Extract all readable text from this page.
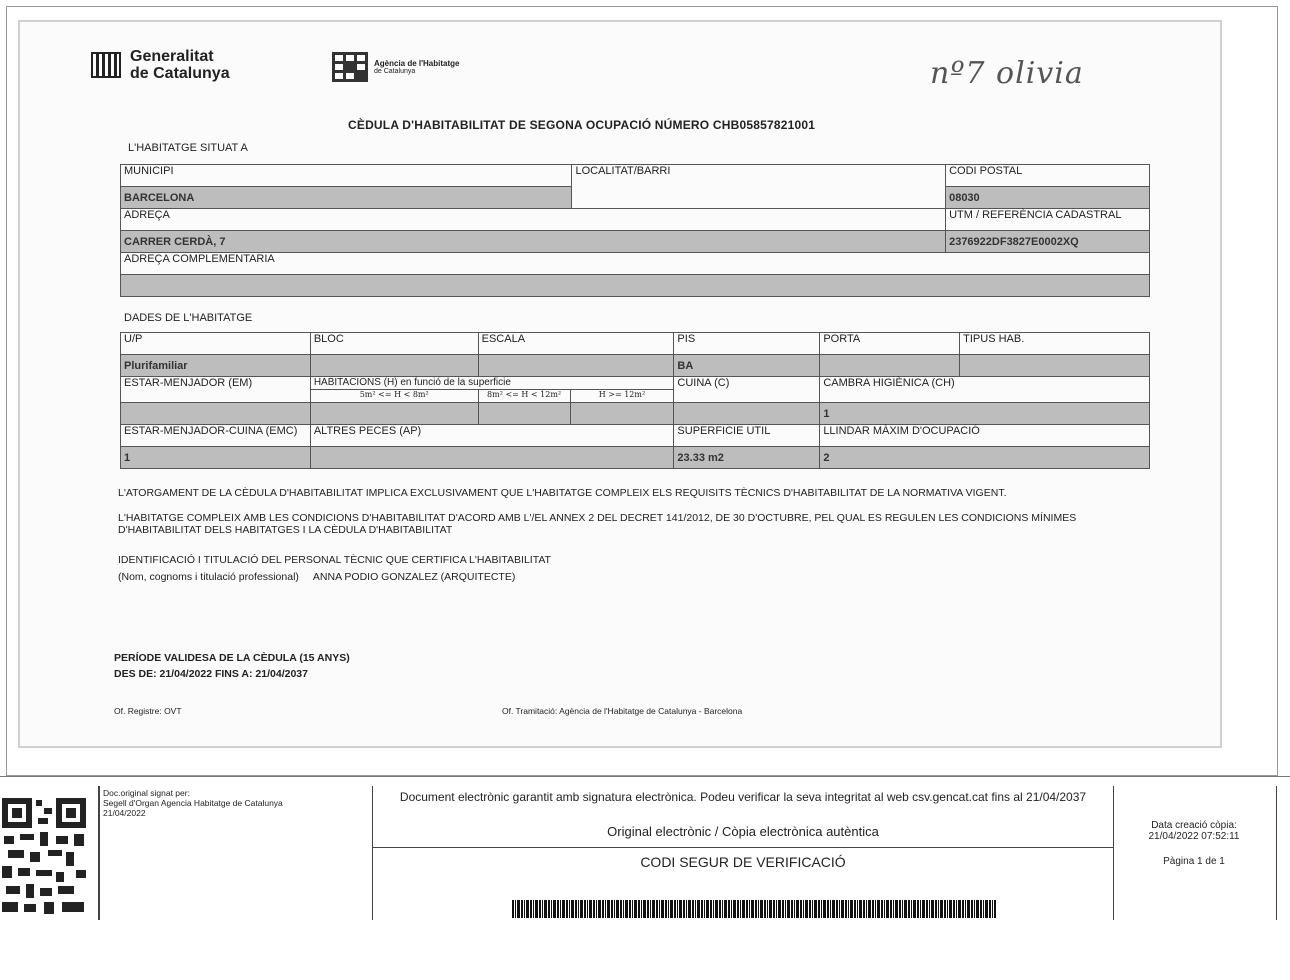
Generalitat
de Catalunya
Agència de l'Habitatge
de Catalunya	nº7 olivia
CÈDULA D'HABITABILITAT DE SEGONA OCUPACIÓ NÚMERO CHB05857821001
L'HABITATGE SITUAT A
MUNICIPI	LOCALITAT/BARRI	CODI POSTAL
BARCELONA		08030
ADREÇA		UTM / REFERÈNCIA CADASTRAL
CARRER CERDÀ, 7		2376922DF3827E0002XQ
ADREÇA COMPLEMENTARIA		

DADES DE L'HABITATGE
U/P	BLOC	ESCALA		PIS	PORTA	TIPUS HAB.
Plurifamiliar				BA		
ESTAR-MENJADOR (EM)	HABITACIONS (H) en funció de la superficie			CUINA (C)	CAMBRA HIGIÈNICA (CH)	
	5m² <= H < 8m²	8m² <= H < 12m²	H >= 12m²			
					1	
ESTAR-MENJADOR-CUINA (EMC)	ALTRES PECES (AP)			SUPERFICIE UTIL	LLINDAR MÀXIM D'OCUPACIÓ	
1				23.33 m2	2	
L'ATORGAMENT DE LA CÈDULA D'HABITABILITAT IMPLICA EXCLUSIVAMENT QUE L'HABITATGE COMPLEIX ELS REQUISITS TÈCNICS D'HABITABILITAT DE LA NORMATIVA VIGENT.
L'HABITATGE COMPLEIX AMB LES CONDICIONS D'HABITABILITAT D'ACORD AMB L'/EL ANNEX 2 DEL DECRET 141/2012, DE 30 D'OCTUBRE, PEL QUAL ES REGULEN LES CONDICIONS MÍNIMES D'HABITABILITAT DELS HABITATGES I LA CÈDULA D'HABITABILITAT
IDENTIFICACIÓ I TITULACIÓ DEL PERSONAL TÈCNIC QUE CERTIFICA L'HABITABILITAT
(Nom, cognoms i titulació professional) ANNA PODIO GONZALEZ (ARQUITECTE)
PERÍODE VALIDESA DE LA CÈDULA (15 ANYS)
DES DE: 21/04/2022 FINS A: 21/04/2037
Of. Registre: OVT	Of. Tramitació: Agència de l'Habitatge de Catalunya - Barcelona
Doc.original signat per:
Segell d'Organ Agencia Habitatge de Catalunya
21/04/2022
Document electrònic garantit amb signatura electrònica. Podeu verificar la seva integritat al web csv.gencat.cat fins al 21/04/2037
Original electrònic / Còpia electrònica autèntica
CODI SEGUR DE VERIFICACIÓ
Data creació còpia:
21/04/2022 07:52:11
Pàgina 1 de 1
